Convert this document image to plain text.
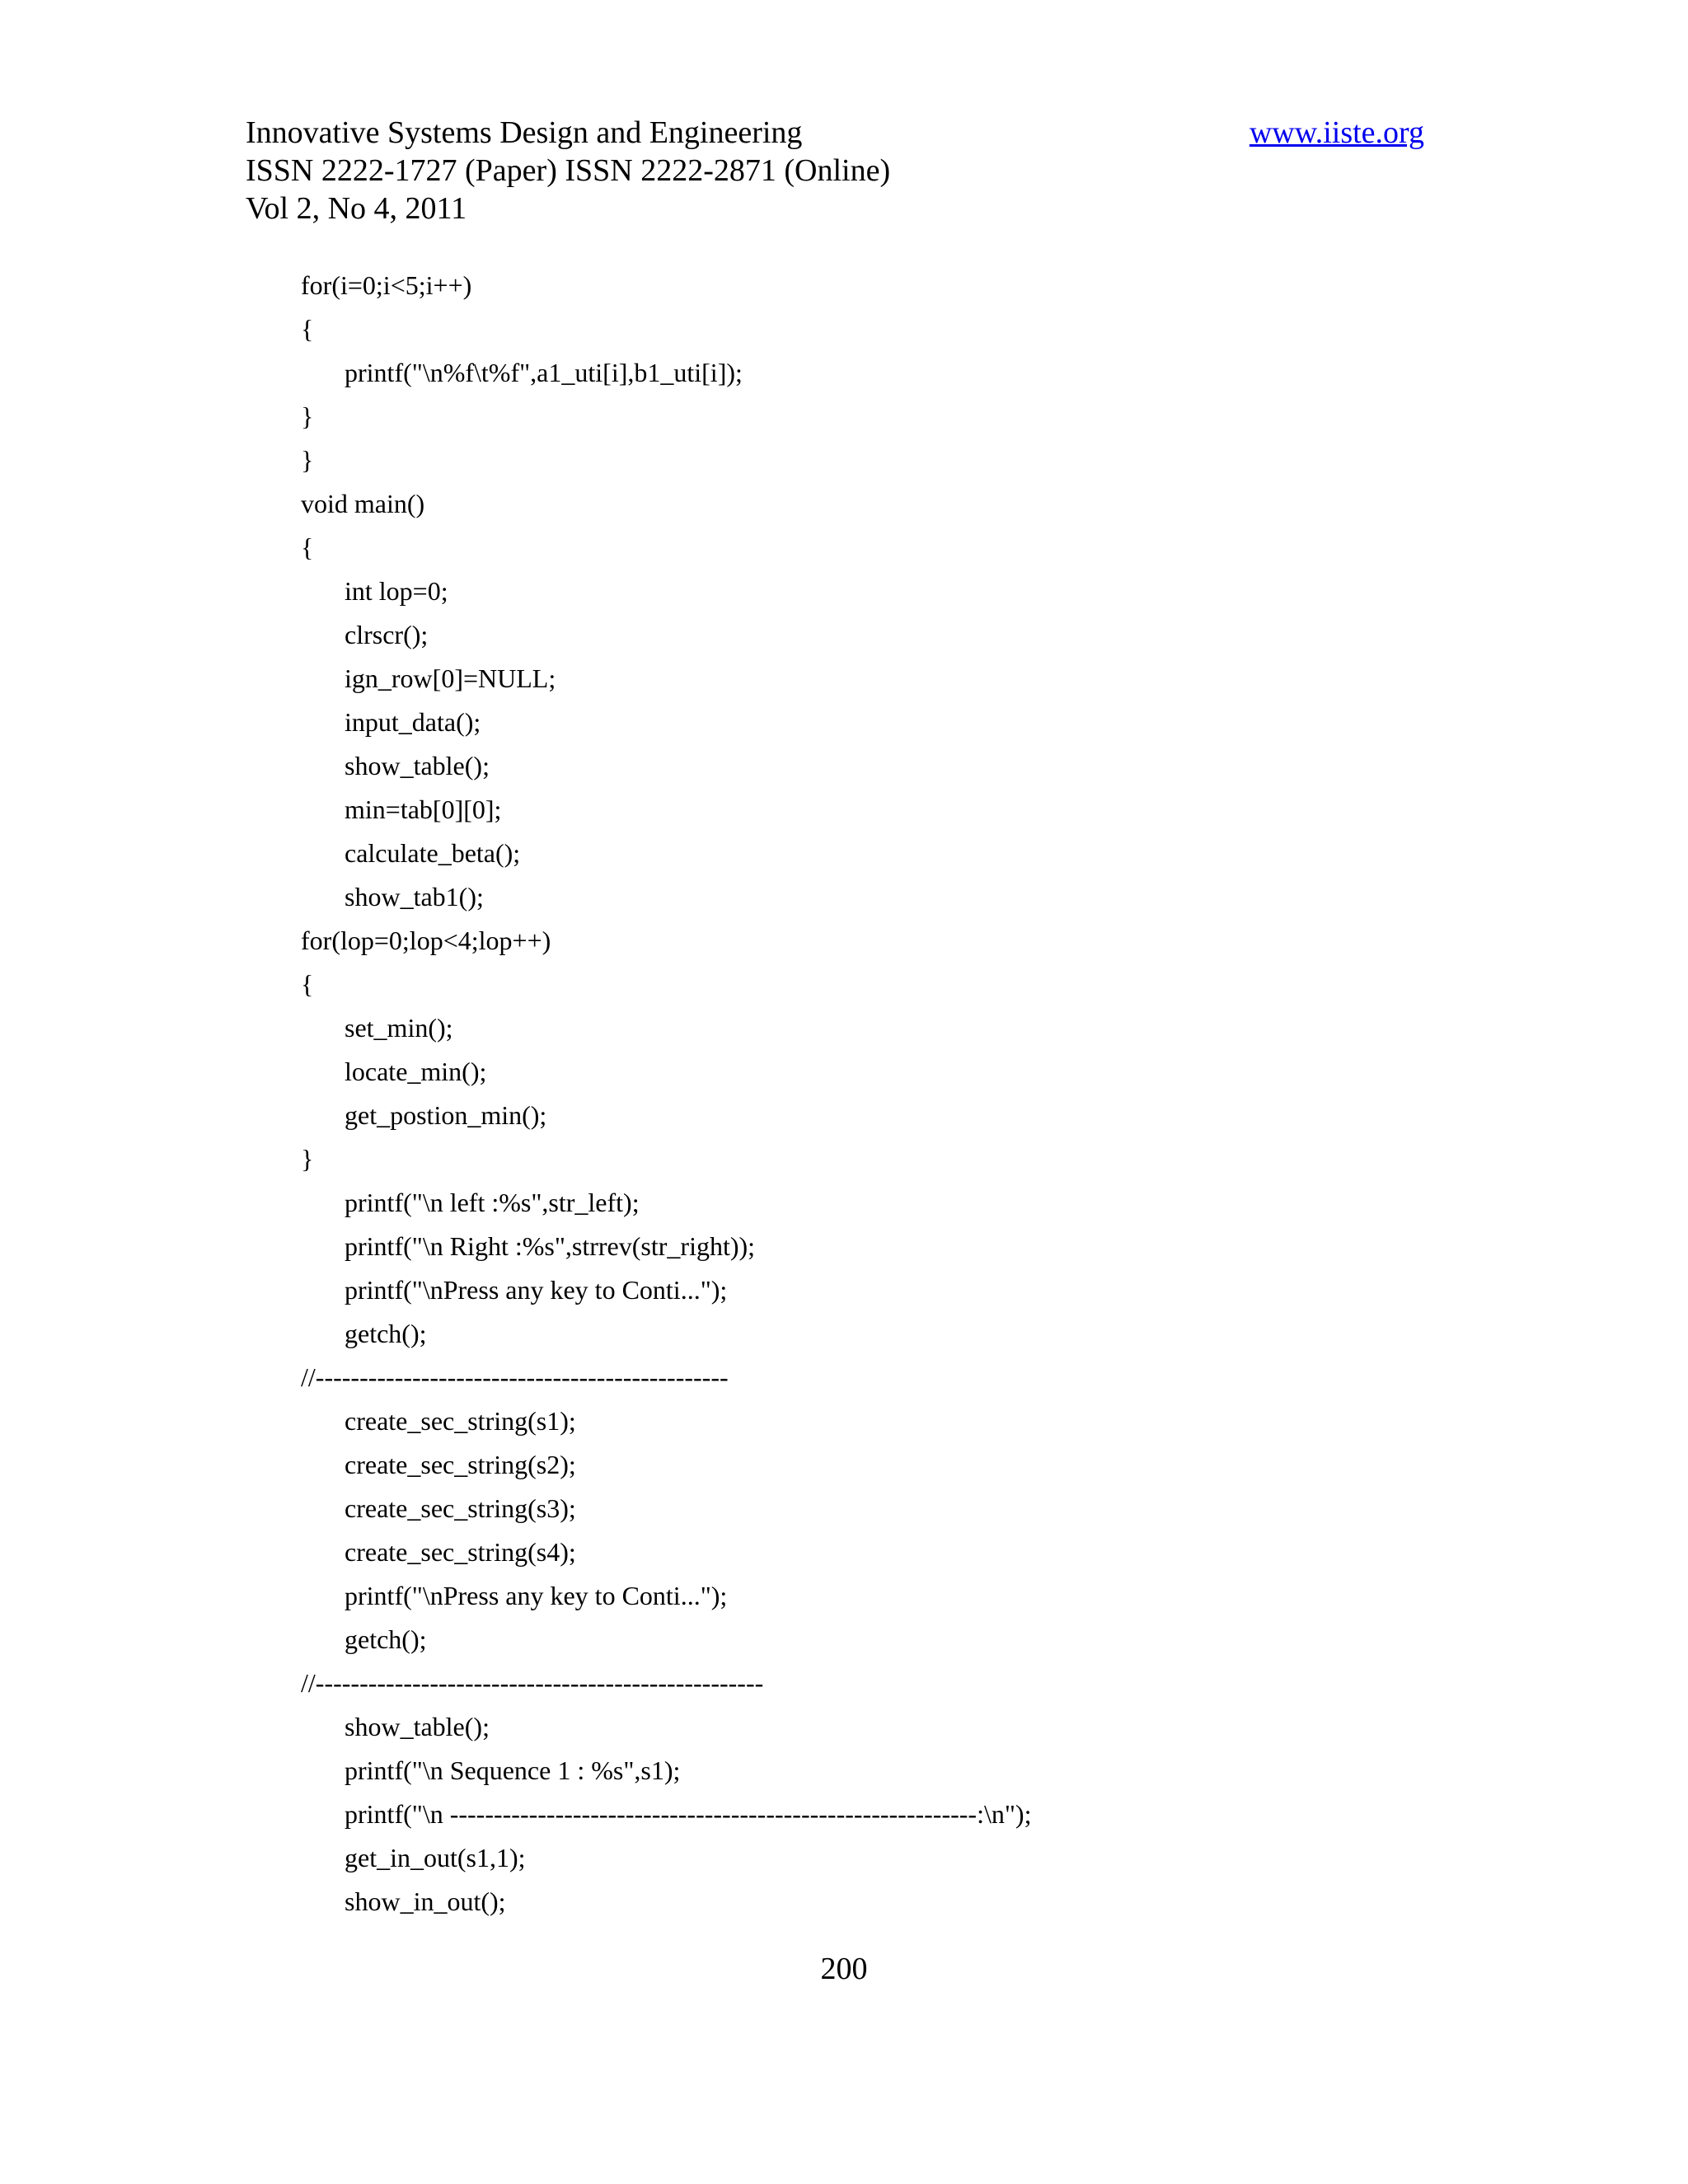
Innovative Systems Design and Engineering
ISSN 2222-1727 (Paper) ISSN 2222-2871 (Online)
Vol 2, No 4, 2011
www.iiste.org
for(i=0;i<5;i++)
{
printf("\n%f\t%f",a1_uti[i],b1_uti[i]);
}
}
void main()
{
int lop=0;
clrscr();
ign_row[0]=NULL;
input_data();
show_table();
min=tab[0][0];
calculate_beta();
show_tab1();
for(lop=0;lop<4;lop++)
{
set_min();
locate_min();
get_postion_min();
}
printf("\n left :%s",str_left);
printf("\n Right :%s",strrev(str_right));
printf("\nPress any key to Conti...");
getch();
//-----------------------------------------------
create_sec_string(s1);
create_sec_string(s2);
create_sec_string(s3);
create_sec_string(s4);
printf("\nPress any key to Conti...");
getch();
//---------------------------------------------------
show_table();
printf("\n Sequence 1 : %s",s1);
printf("\n ------------------------------------------------------------:\n");
get_in_out(s1,1);
show_in_out();
200
